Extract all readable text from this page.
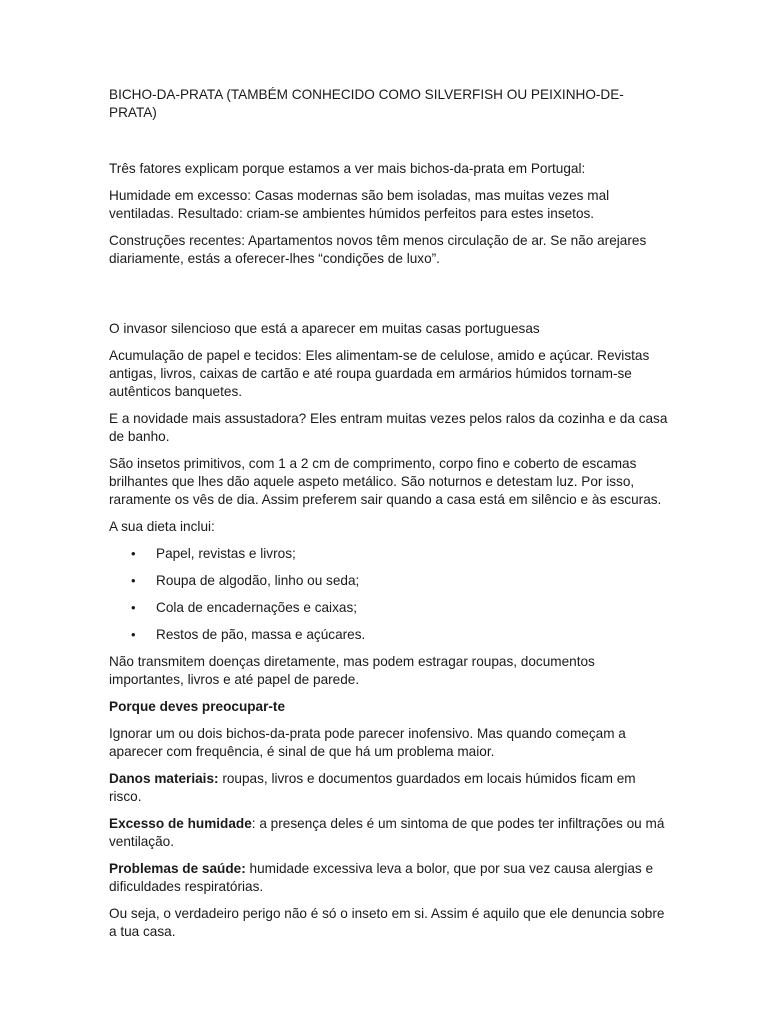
BICHO-DA-PRATA (TAMBÉM CONHECIDO COMO SILVERFISH OU PEIXINHO-DE-PRATA)

Três fatores explicam porque estamos a ver mais bichos-da-prata em Portugal:

Humidade em excesso: Casas modernas são bem isoladas, mas muitas vezes mal ventiladas. Resultado: criam-se ambientes húmidos perfeitos para estes insetos.

Construções recentes: Apartamentos novos têm menos circulação de ar. Se não arejares diariamente, estás a oferecer-lhes “condições de luxo”.

O invasor silencioso que está a aparecer em muitas casas portuguesas

Acumulação de papel e tecidos: Eles alimentam-se de celulose, amido e açúcar. Revistas antigas, livros, caixas de cartão e até roupa guardada em armários húmidos tornam-se autênticos banquetes.

E a novidade mais assustadora? Eles entram muitas vezes pelos ralos da cozinha e da casa de banho.

São insetos primitivos, com 1 a 2 cm de comprimento, corpo fino e coberto de escamas brilhantes que lhes dão aquele aspeto metálico. São noturnos e detestam luz. Por isso, raramente os vês de dia. Assim preferem sair quando a casa está em silêncio e às escuras.

A sua dieta inclui:

• Papel, revistas e livros;
• Roupa de algodão, linho ou seda;
• Cola de encadernações e caixas;
• Restos de pão, massa e açúcares.

Não transmitem doenças diretamente, mas podem estragar roupas, documentos importantes, livros e até papel de parede.

Porque deves preocupar-te

Ignorar um ou dois bichos-da-prata pode parecer inofensivo. Mas quando começam a aparecer com frequência, é sinal de que há um problema maior.

Danos materiais: roupas, livros e documentos guardados em locais húmidos ficam em risco.

Excesso de humidade: a presença deles é um sintoma de que podes ter infiltrações ou má ventilação.

Problemas de saúde: humidade excessiva leva a bolor, que por sua vez causa alergias e dificuldades respiratórias.

Ou seja, o verdadeiro perigo não é só o inseto em si. Assim é aquilo que ele denuncia sobre a tua casa.
